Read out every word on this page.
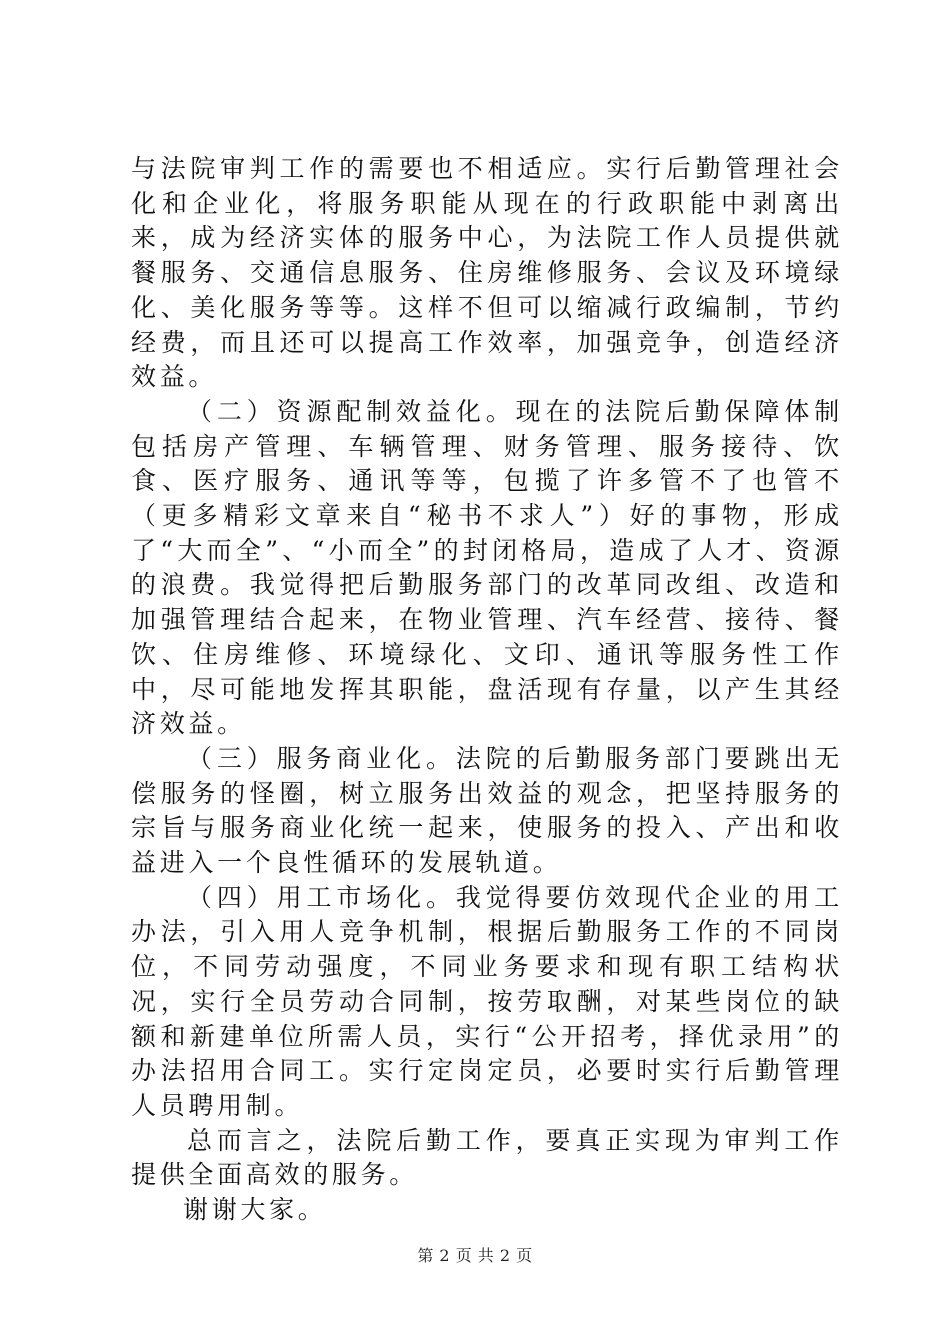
与法院审判工作的需要也不相适应。实行后勤管理社会化和企业化，将服务职能从现在的行政职能中剥离出来，成为经济实体的服务中心，为法院工作人员提供就餐服务、交通信息服务、住房维修服务、会议及环境绿化、美化服务等等。这样不但可以缩减行政编制，节约经费，而且还可以提高工作效率，加强竞争，创造经济效益。

（二）资源配制效益化。现在的法院后勤保障体制包括房产管理、车辆管理、财务管理、服务接待、饮食、医疗服务、通讯等等，包揽了许多管不了也管不（更多精彩文章来自“秘书不求人”）好的事物，形成了“大而全”、“小而全”的封闭格局，造成了人才、资源的浪费。我觉得把后勤服务部门的改革同改组、改造和加强管理结合起来，在物业管理、汽车经营、接待、餐饮、住房维修、环境绿化、文印、通讯等服务性工作中，尽可能地发挥其职能，盘活现有存量，以产生其经济效益。

（三）服务商业化。法院的后勤服务部门要跳出无偿服务的怪圈，树立服务出效益的观念，把坚持服务的宗旨与服务商业化统一起来，使服务的投入、产出和收益进入一个良性循环的发展轨道。

（四）用工市场化。我觉得要仿效现代企业的用工办法，引入用人竞争机制，根据后勤服务工作的不同岗位，不同劳动强度，不同业务要求和现有职工结构状况，实行全员劳动合同制，按劳取酬，对某些岗位的缺额和新建单位所需人员，实行“公开招考，择优录用”的办法招用合同工。实行定岗定员，必要时实行后勤管理人员聘用制。

总而言之，法院后勤工作，要真正实现为审判工作提供全面高效的服务。

谢谢大家。

第 2 页 共 2 页
